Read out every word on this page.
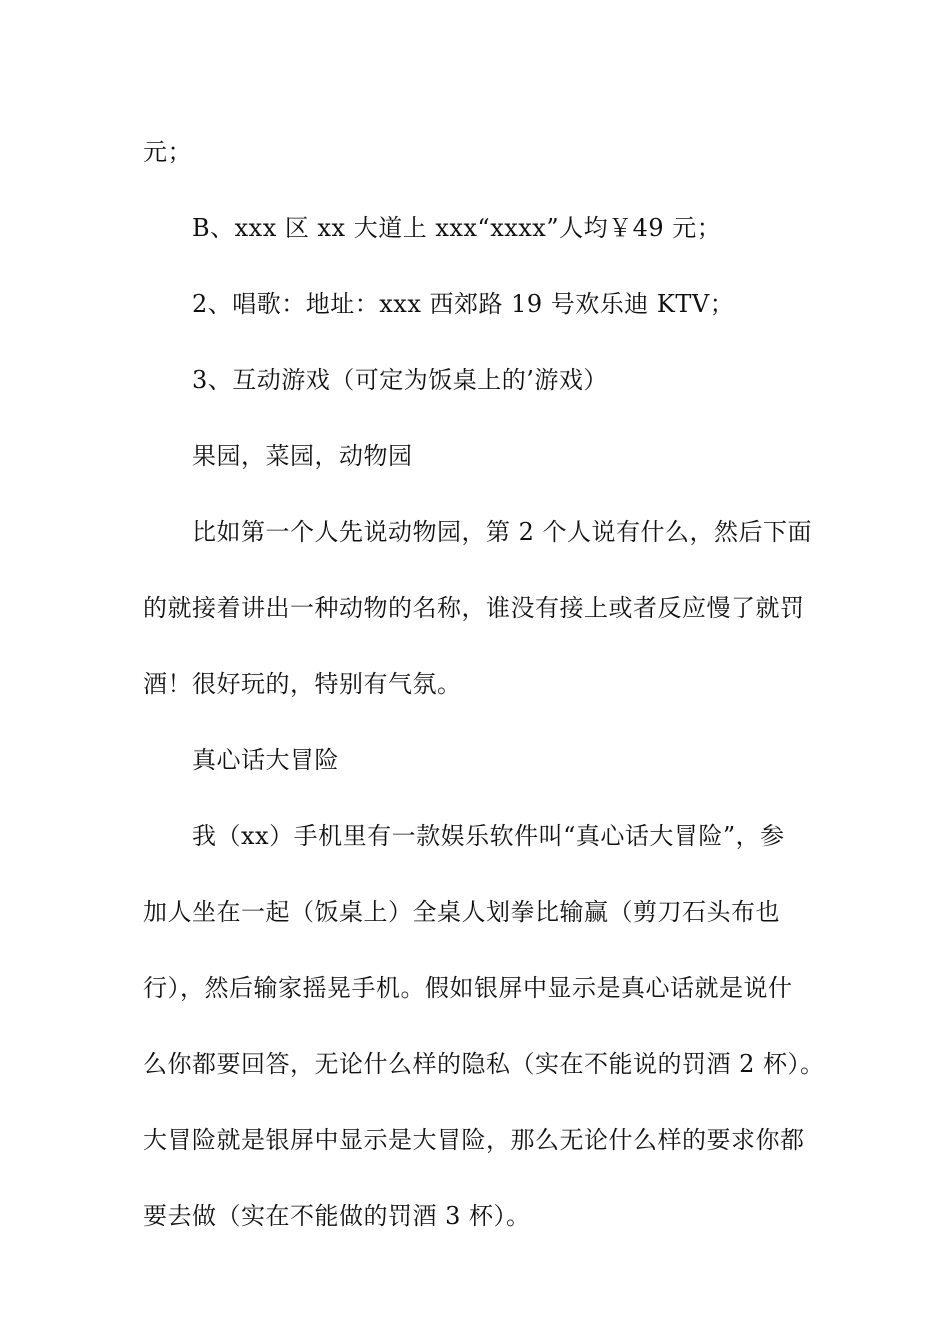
元；
B、xxx 区 xx 大道上 xxx“xxxx”人均￥49 元；
2、唱歌：地址：xxx 西郊路 19 号欢乐迪 KTV；
3、互动游戏（可定为饭桌上的’游戏）
果园，菜园，动物园
比如第一个人先说动物园，第 2 个人说有什么，然后下面
的就接着讲出一种动物的名称，谁没有接上或者反应慢了就罚
酒！很好玩的，特别有气氛。
真心话大冒险
我（xx）手机里有一款娱乐软件叫“真心话大冒险”，参
加人坐在一起（饭桌上）全桌人划拳比输赢（剪刀石头布也
行），然后输家摇晃手机。假如银屏中显示是真心话就是说什
么你都要回答，无论什么样的隐私（实在不能说的罚酒 2 杯）。
大冒险就是银屏中显示是大冒险，那么无论什么样的要求你都
要去做（实在不能做的罚酒 3 杯）。
